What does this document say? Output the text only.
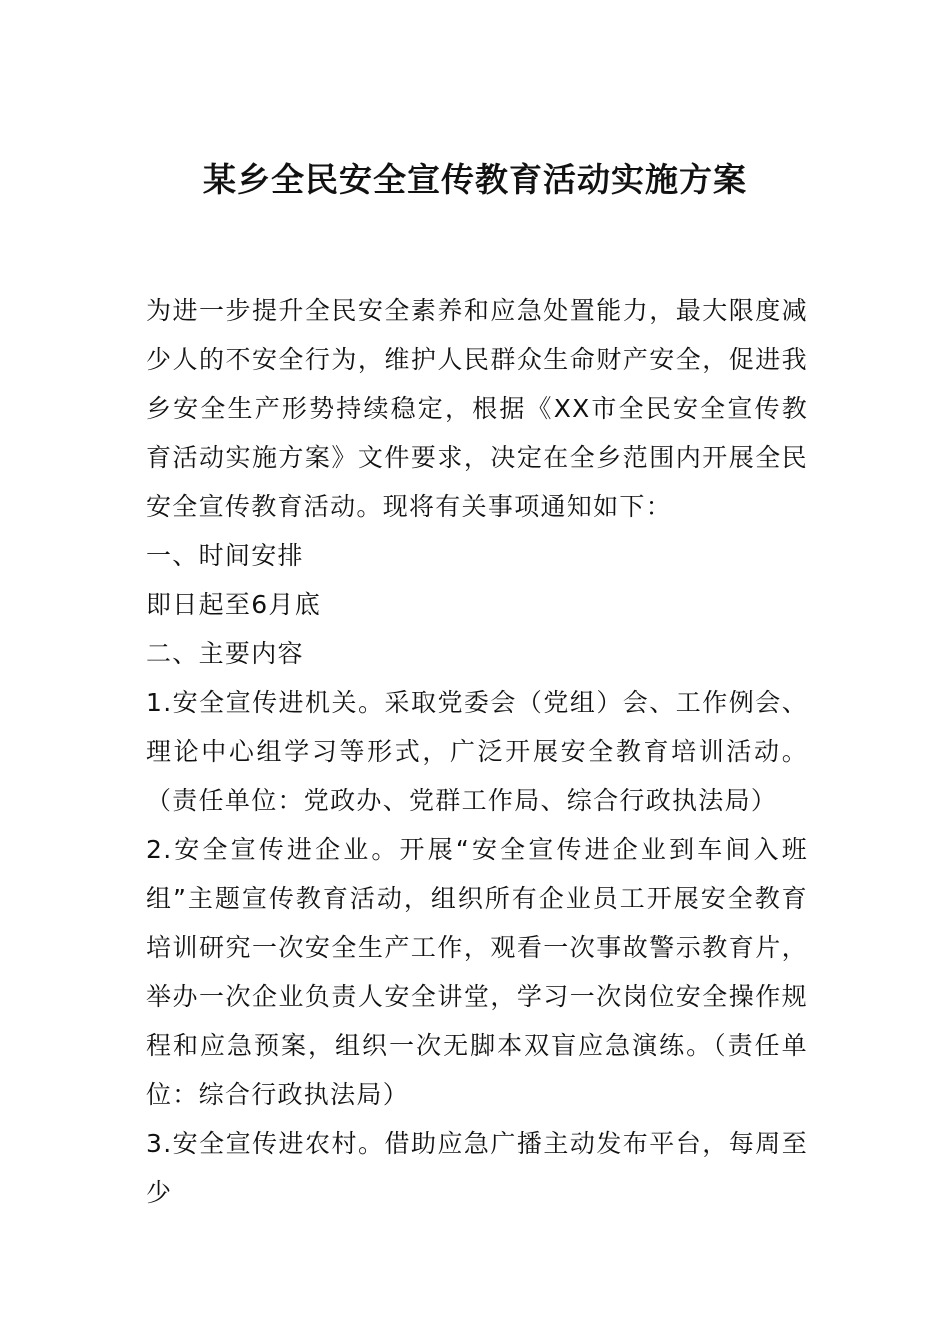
某乡全民安全宣传教育活动实施方案

为进一步提升全民安全素养和应急处置能力，最大限度减少人的不安全行为，维护人民群众生命财产安全，促进我乡安全生产形势持续稳定，根据《XX市全民安全宣传教育活动实施方案》文件要求，决定在全乡范围内开展全民安全宣传教育活动。现将有关事项通知如下：

一、时间安排

即日起至6月底

二、主要内容

1.安全宣传进机关。采取党委会（党组）会、工作例会、理论中心组学习等形式，广泛开展安全教育培训活动。（责任单位：党政办、党群工作局、综合行政执法局）

2.安全宣传进企业。开展“安全宣传进企业到车间入班组”主题宣传教育活动，组织所有企业员工开展安全教育培训研究一次安全生产工作，观看一次事故警示教育片，举办一次企业负责人安全讲堂，学习一次岗位安全操作规程和应急预案，组织一次无脚本双盲应急演练。（责任单位：综合行政执法局）

3.安全宣传进农村。借助应急广播主动发布平台，每周至少
